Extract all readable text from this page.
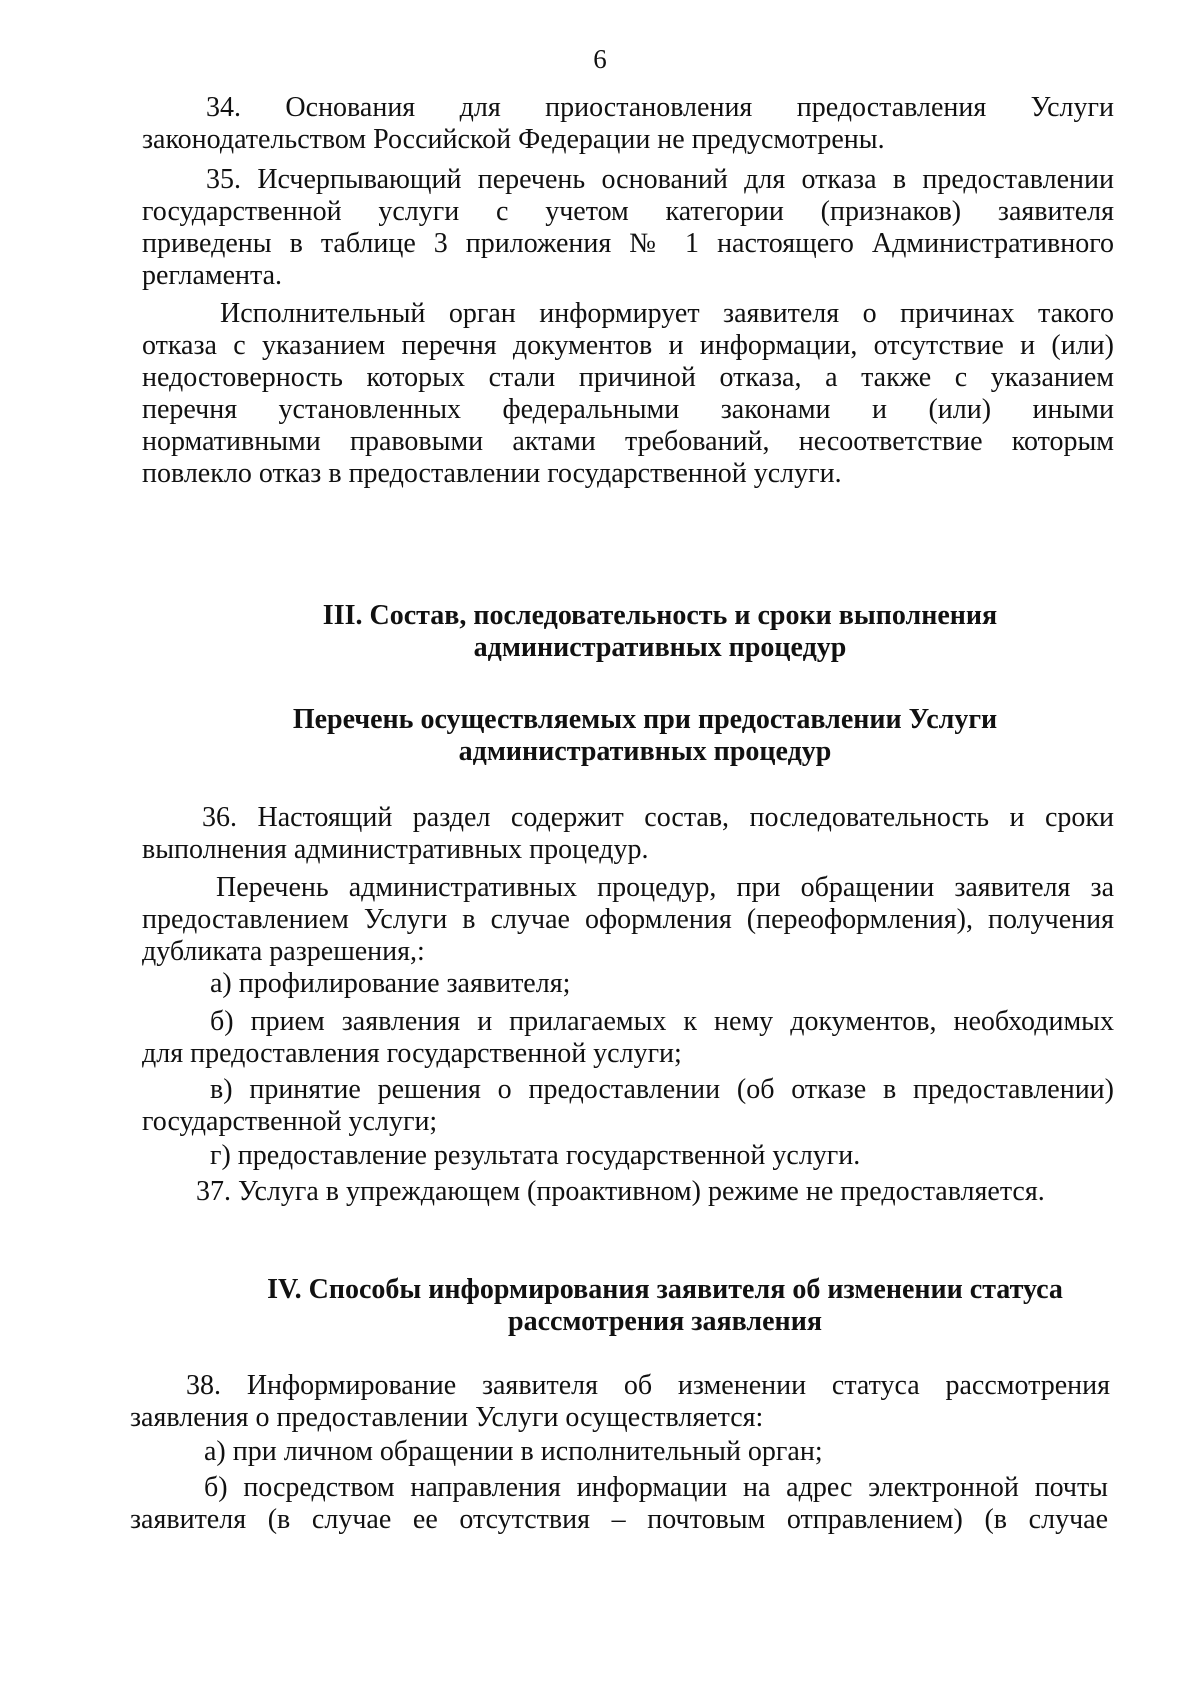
6
34. Основания для приостановления предоставления Услуги
законодательством Российской Федерации не предусмотрены.
35. Исчерпывающий перечень оснований для отказа в предоставлении
государственной услуги с учетом категории (признаков) заявителя
приведены в таблице 3 приложения № 1 настоящего Административного
регламента.
Исполнительный орган информирует заявителя о причинах такого
отказа с указанием перечня документов и информации, отсутствие и (или)
недостоверность которых стали причиной отказа, а также с указанием
перечня установленных федеральными законами и (или) иными
нормативными правовыми актами требований, несоответствие которым
повлекло отказ в предоставлении государственной услуги.
III. Состав, последовательность и сроки выполнения
административных процедур
Перечень осуществляемых при предоставлении Услуги
административных процедур
36. Настоящий раздел содержит состав, последовательность и сроки
выполнения административных процедур.
Перечень административных процедур, при обращении заявителя за
предоставлением Услуги в случае оформления (переоформления), получения
дубликата разрешения,:
а) профилирование заявителя;
б) прием заявления и прилагаемых к нему документов, необходимых
для предоставления государственной услуги;
в) принятие решения о предоставлении (об отказе в предоставлении)
государственной услуги;
г) предоставление результата государственной услуги.
37. Услуга в упреждающем (проактивном) режиме не предоставляется.
IV. Способы информирования заявителя об изменении статуса
рассмотрения заявления
38. Информирование заявителя об изменении статуса рассмотрения
заявления о предоставлении Услуги осуществляется:
а) при личном обращении в исполнительный орган;
б) посредством направления информации на адрес электронной почты
заявителя (в случае ее отсутствия – почтовым отправлением) (в случае
